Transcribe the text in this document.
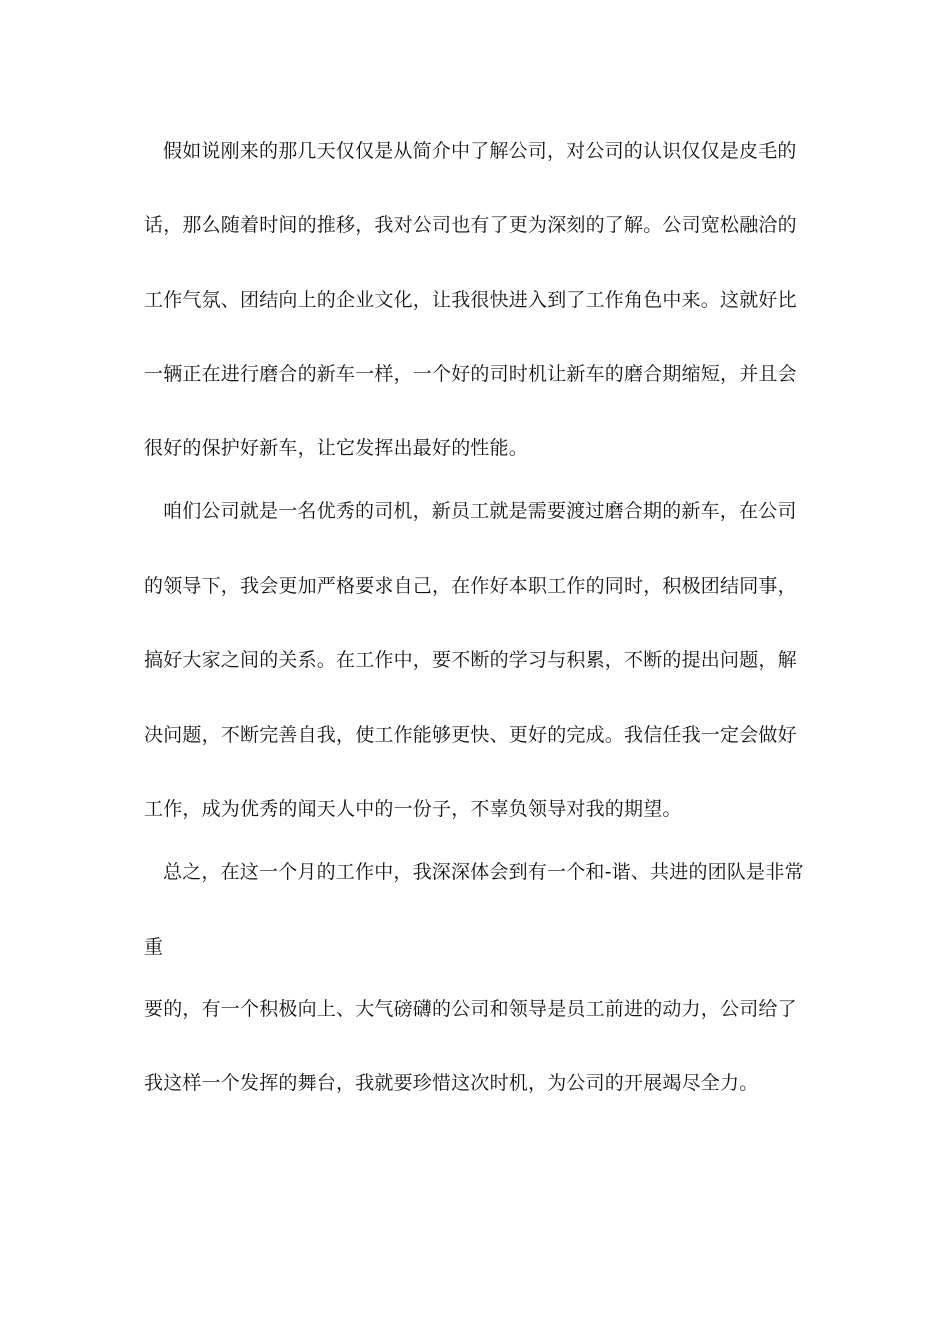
假如说刚来的那几天仅仅是从简介中了解公司，对公司的认识仅仅是皮毛的
话，那么随着时间的推移，我对公司也有了更为深刻的了解。公司宽松融洽的
工作气氛、团结向上的企业文化，让我很快进入到了工作角色中来。这就好比
一辆正在进行磨合的新车一样，一个好的司时机让新车的磨合期缩短，并且会
很好的保护好新车，让它发挥出最好的性能。
咱们公司就是一名优秀的司机，新员工就是需要渡过磨合期的新车，在公司
的领导下，我会更加严格要求自己，在作好本职工作的同时，积极团结同事，
搞好大家之间的关系。在工作中，要不断的学习与积累，不断的提出问题，解
决问题，不断完善自我，使工作能够更快、更好的完成。我信任我一定会做好
工作，成为优秀的闻天人中的一份子，不辜负领导对我的期望。
总之，在这一个月的工作中，我深深体会到有一个和-谐、共进的团队是非常
重
要的，有一个积极向上、大气磅礴的公司和领导是员工前进的动力，公司给了
我这样一个发挥的舞台，我就要珍惜这次时机，为公司的开展竭尽全力。
